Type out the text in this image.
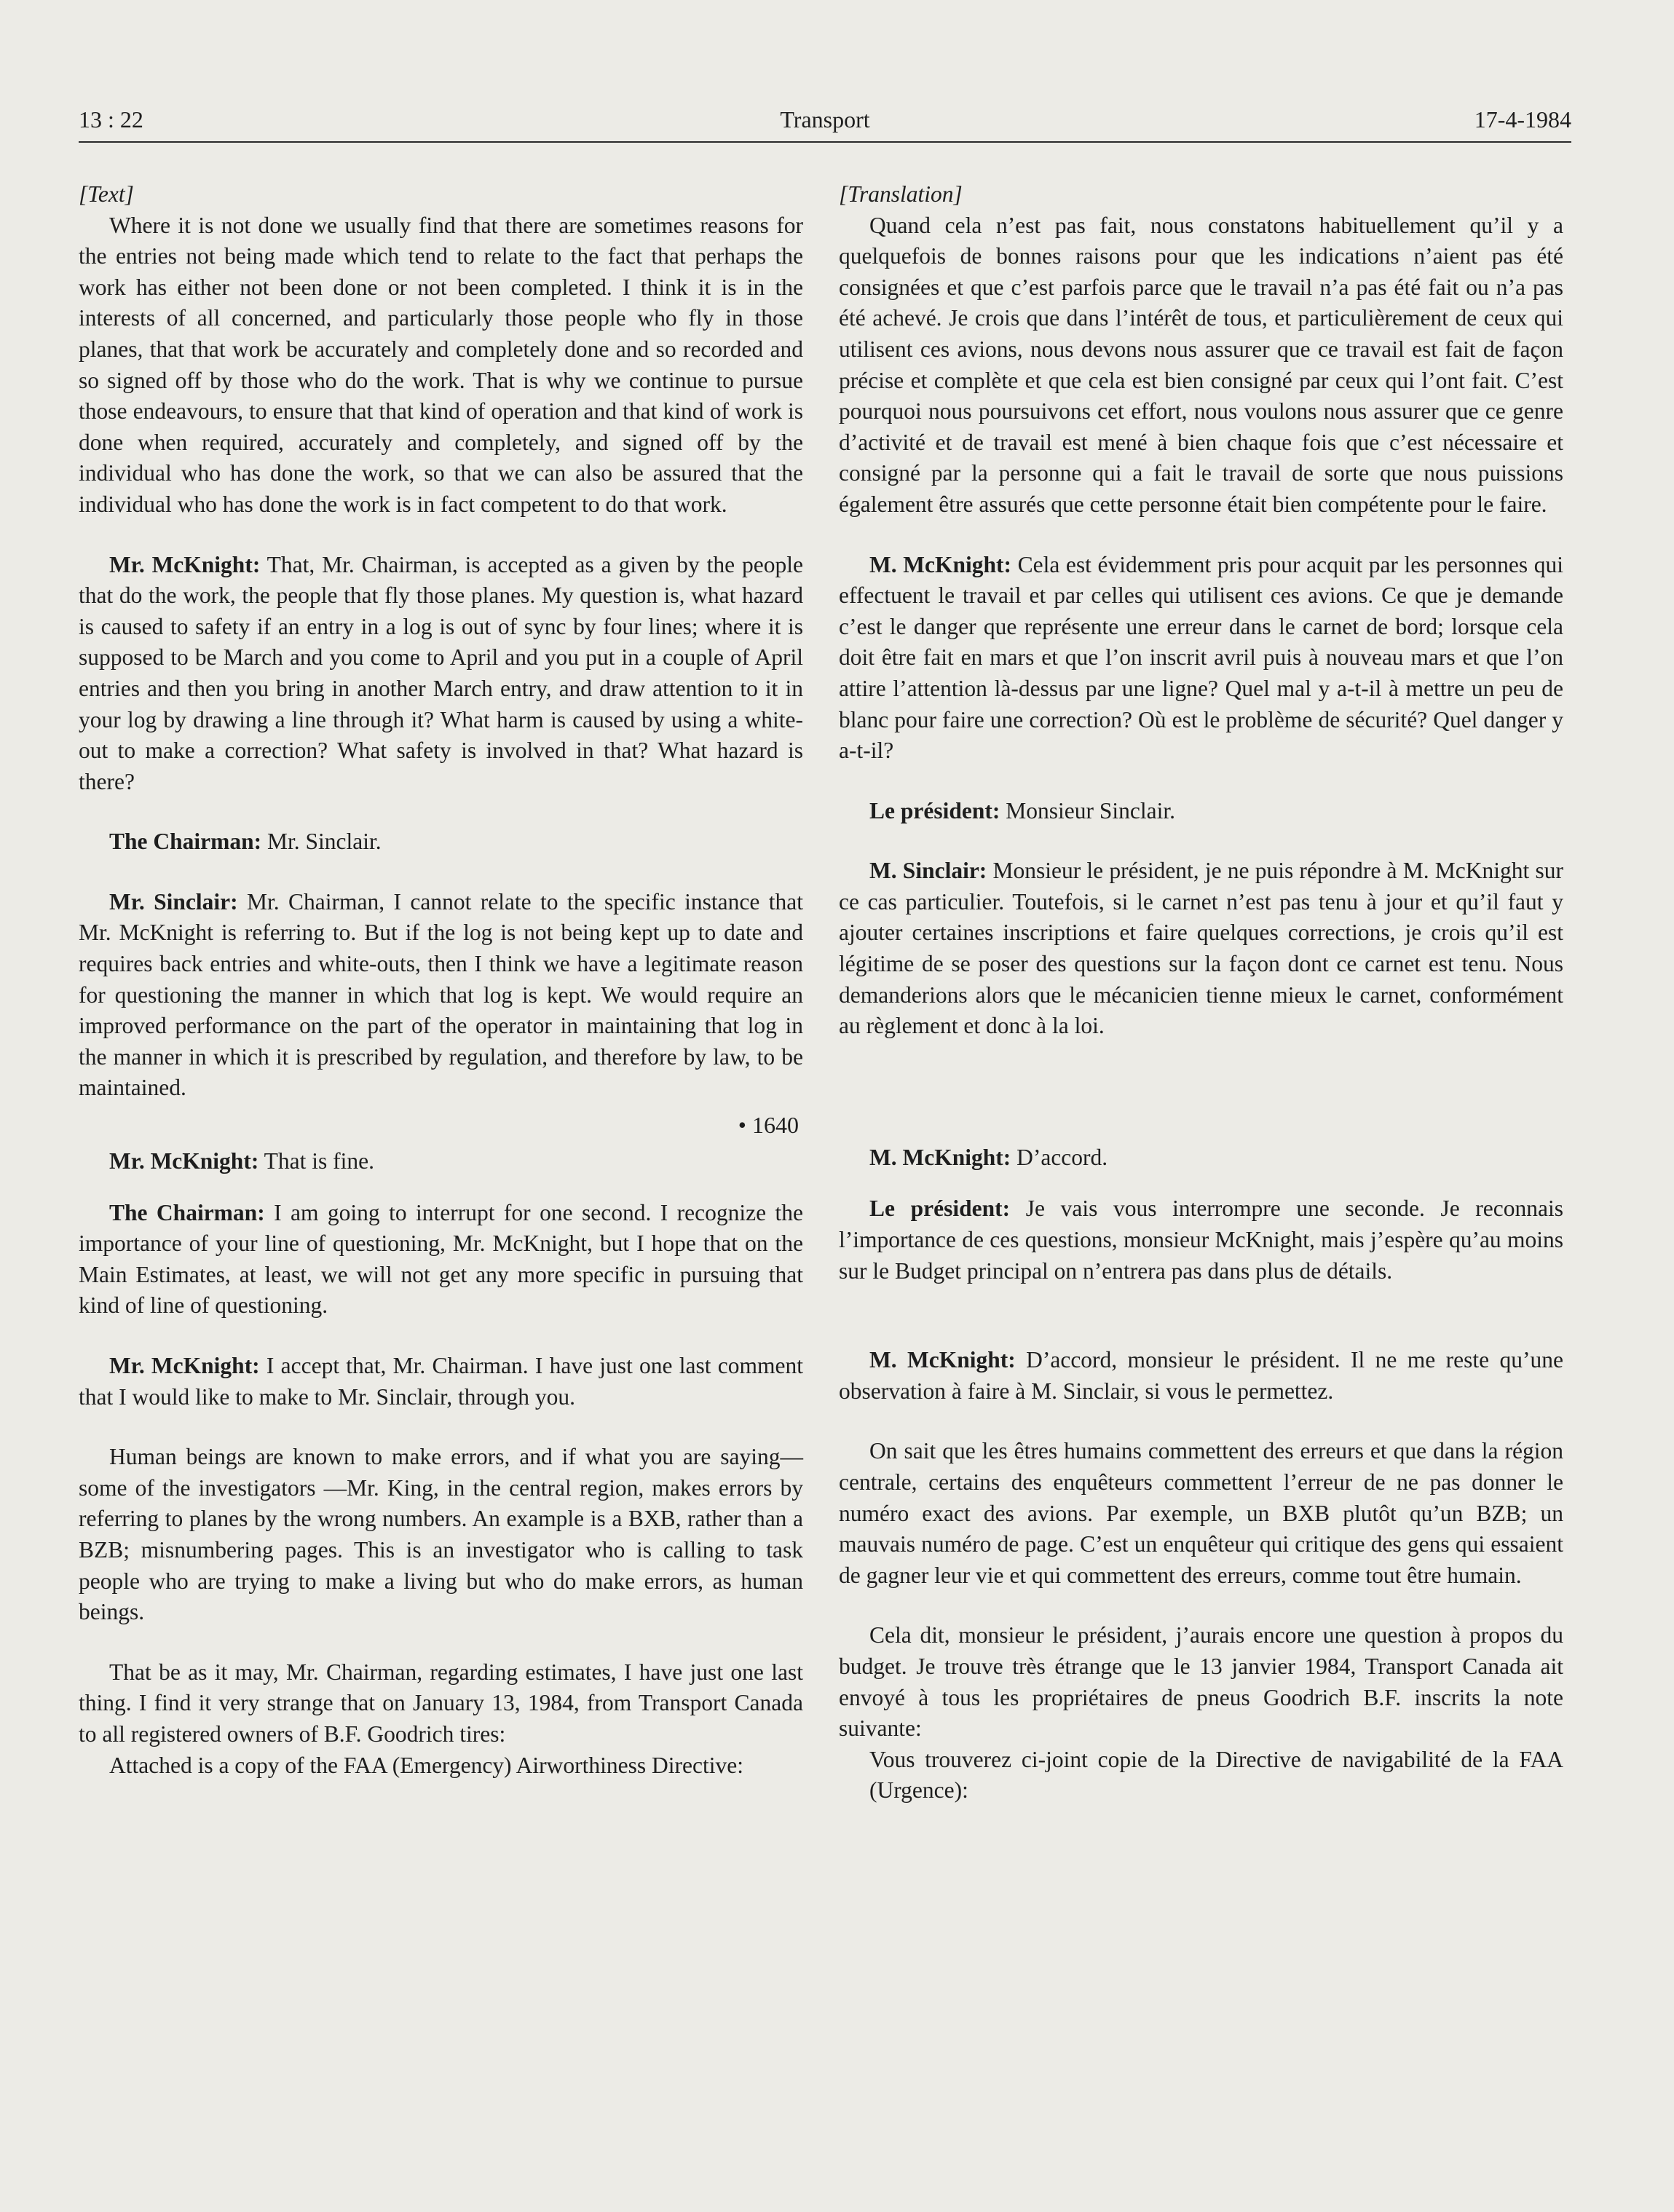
13 : 22	Transport	17-4-1984

[Text]

Where it is not done we usually find that there are sometimes reasons for the entries not being made which tend to relate to the fact that perhaps the work has either not been done or not been completed. I think it is in the interests of all concerned, and particularly those people who fly in those planes, that that work be accurately and completely done and so recorded and so signed off by those who do the work. That is why we continue to pursue those endeavours, to ensure that that kind of operation and that kind of work is done when required, accurately and completely, and signed off by the individual who has done the work, so that we can also be assured that the individual who has done the work is in fact competent to do that work.

Mr. McKnight: That, Mr. Chairman, is accepted as a given by the people that do the work, the people that fly those planes. My question is, what hazard is caused to safety if an entry in a log is out of sync by four lines; where it is supposed to be March and you come to April and you put in a couple of April entries and then you bring in another March entry, and draw attention to it in your log by drawing a line through it? What harm is caused by using a white-out to make a correction? What safety is involved in that? What hazard is there?

The Chairman: Mr. Sinclair.

Mr. Sinclair: Mr. Chairman, I cannot relate to the specific instance that Mr. McKnight is referring to. But if the log is not being kept up to date and requires back entries and white-outs, then I think we have a legitimate reason for questioning the manner in which that log is kept. We would require an improved performance on the part of the operator in maintaining that log in the manner in which it is prescribed by regulation, and therefore by law, to be maintained.

• 1640

Mr. McKnight: That is fine.

The Chairman: I am going to interrupt for one second. I recognize the importance of your line of questioning, Mr. McKnight, but I hope that on the Main Estimates, at least, we will not get any more specific in pursuing that kind of line of questioning.

Mr. McKnight: I accept that, Mr. Chairman. I have just one last comment that I would like to make to Mr. Sinclair, through you.

Human beings are known to make errors, and if what you are saying—some of the investigators —Mr. King, in the central region, makes errors by referring to planes by the wrong numbers. An example is a BXB, rather than a BZB; misnumbering pages. This is an investigator who is calling to task people who are trying to make a living but who do make errors, as human beings.

That be as it may, Mr. Chairman, regarding estimates, I have just one last thing. I find it very strange that on January 13, 1984, from Transport Canada to all registered owners of B.F. Goodrich tires:

Attached is a copy of the FAA (Emergency) Airworthiness Directive:

[Translation]

Quand cela n’est pas fait, nous constatons habituellement qu’il y a quelquefois de bonnes raisons pour que les indications n’aient pas été consignées et que c’est parfois parce que le travail n’a pas été fait ou n’a pas été achevé. Je crois que dans l’intérêt de tous, et particulièrement de ceux qui utilisent ces avions, nous devons nous assurer que ce travail est fait de façon précise et complète et que cela est bien consigné par ceux qui l’ont fait. C’est pourquoi nous poursuivons cet effort, nous voulons nous assurer que ce genre d’activité et de travail est mené à bien chaque fois que c’est nécessaire et consigné par la personne qui a fait le travail de sorte que nous puissions également être assurés que cette personne était bien compétente pour le faire.

M. McKnight: Cela est évidemment pris pour acquit par les personnes qui effectuent le travail et par celles qui utilisent ces avions. Ce que je demande c’est le danger que représente une erreur dans le carnet de bord; lorsque cela doit être fait en mars et que l’on inscrit avril puis à nouveau mars et que l’on attire l’attention là-dessus par une ligne? Quel mal y a-t-il à mettre un peu de blanc pour faire une correction? Où est le problème de sécurité? Quel danger y a-t-il?

Le président: Monsieur Sinclair.

M. Sinclair: Monsieur le président, je ne puis répondre à M. McKnight sur ce cas particulier. Toutefois, si le carnet n’est pas tenu à jour et qu’il faut y ajouter certaines inscriptions et faire quelques corrections, je crois qu’il est légitime de se poser des questions sur la façon dont ce carnet est tenu. Nous demanderions alors que le mécanicien tienne mieux le carnet, conformément au règlement et donc à la loi.

M. McKnight: D’accord.

Le président: Je vais vous interrompre une seconde. Je reconnais l’importance de ces questions, monsieur McKnight, mais j’espère qu’au moins sur le Budget principal on n’entrera pas dans plus de détails.

M. McKnight: D’accord, monsieur le président. Il ne me reste qu’une observation à faire à M. Sinclair, si vous le permettez.

On sait que les êtres humains commettent des erreurs et que dans la région centrale, certains des enquêteurs commettent l’erreur de ne pas donner le numéro exact des avions. Par exemple, un BXB plutôt qu’un BZB; un mauvais numéro de page. C’est un enquêteur qui critique des gens qui essaient de gagner leur vie et qui commettent des erreurs, comme tout être humain.

Cela dit, monsieur le président, j’aurais encore une question à propos du budget. Je trouve très étrange que le 13 janvier 1984, Transport Canada ait envoyé à tous les propriétaires de pneus Goodrich B.F. inscrits la note suivante:

Vous trouverez ci-joint copie de la Directive de navigabilité de la FAA (Urgence):
